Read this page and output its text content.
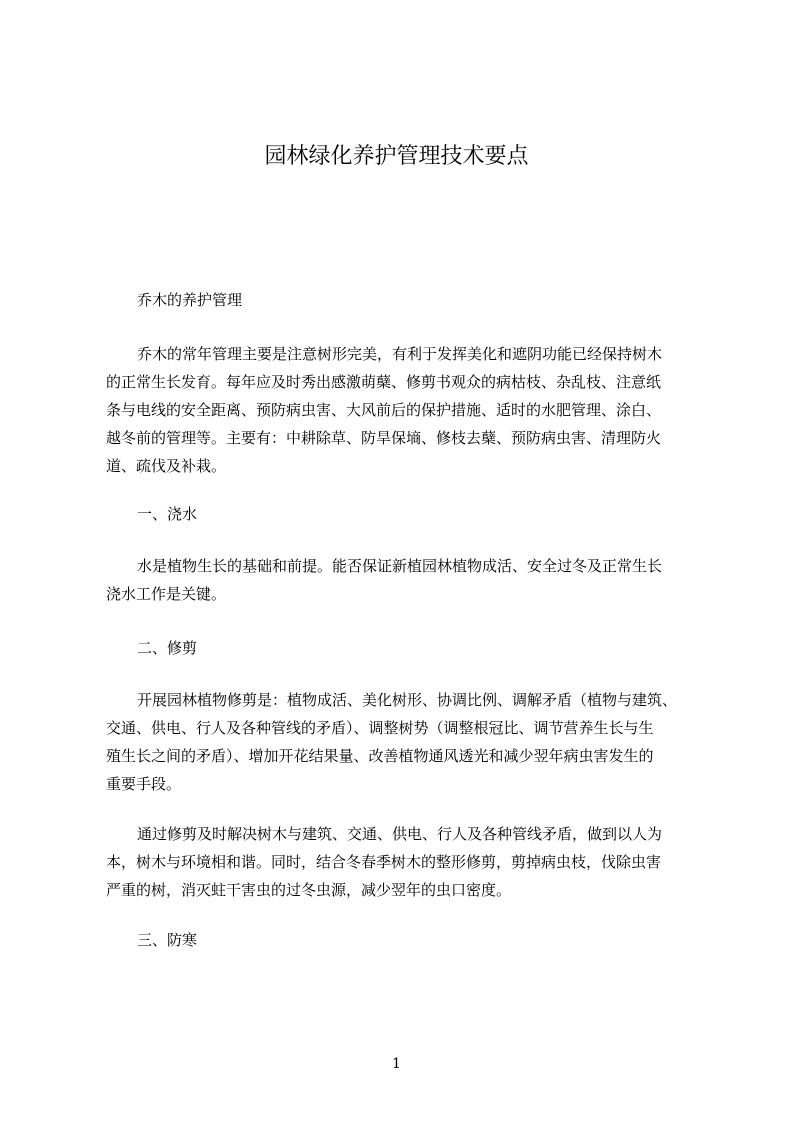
园林绿化养护管理技术要点
乔木的养护管理
乔木的常年管理主要是注意树形完美，有利于发挥美化和遮阴功能已经保持树木
的正常生长发育。每年应及时秀出感激萌蘖、修剪书观众的病枯枝、杂乱枝、注意纸
条与电线的安全距离、预防病虫害、大风前后的保护措施、适时的水肥管理、涂白、
越冬前的管理等。主要有：中耕除草、防旱保墒、修枝去蘖、预防病虫害、清理防火
道、疏伐及补栽。
一、浇水
水是植物生长的基础和前提。能否保证新植园林植物成活、安全过冬及正常生长
浇水工作是关键。
二、修剪
开展园林植物修剪是：植物成活、美化树形、协调比例、调解矛盾（植物与建筑、
交通、供电、行人及各种管线的矛盾）、调整树势（调整根冠比、调节营养生长与生
殖生长之间的矛盾）、增加开花结果量、改善植物通风透光和减少翌年病虫害发生的
重要手段。
通过修剪及时解决树木与建筑、交通、供电、行人及各种管线矛盾，做到以人为
本，树木与环境相和谐。同时，结合冬春季树木的整形修剪，剪掉病虫枝，伐除虫害
严重的树，消灭蛀干害虫的过冬虫源，减少翌年的虫口密度。
三、防寒
1
